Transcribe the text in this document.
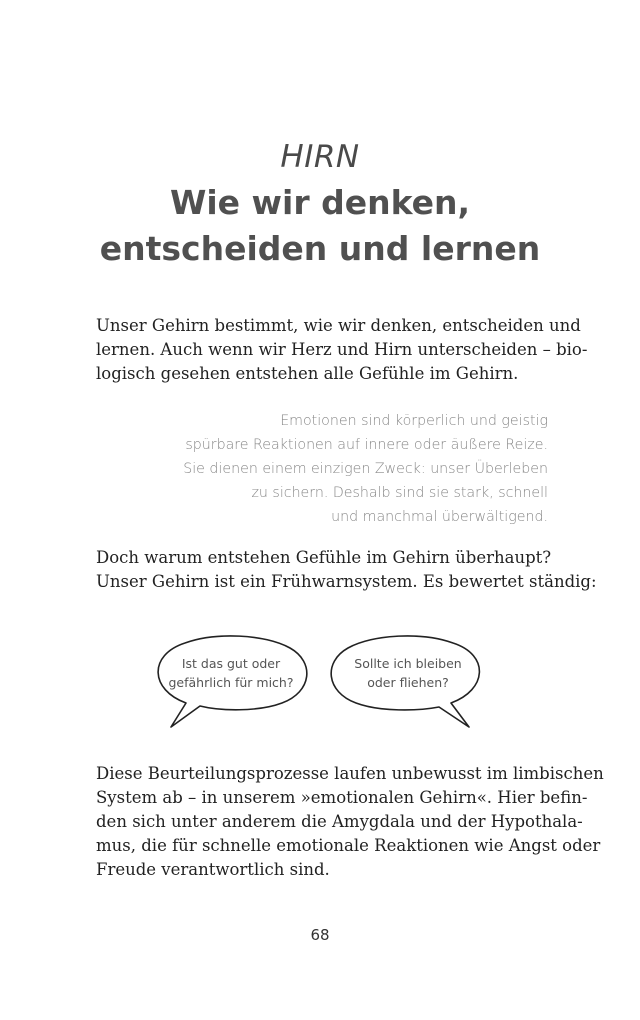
HIRN
Wie wir denken,
entscheiden und lernen
Unser Gehirn bestimmt, wie wir denken, entscheiden und
lernen. Auch wenn wir Herz und Hirn unterscheiden – bio-
logisch gesehen entstehen alle Gefühle im Gehirn.
Emotionen sind körperlich und geistig
spürbare Reaktionen auf innere oder äußere Reize.
Sie dienen einem einzigen Zweck: unser Überleben
zu sichern. Deshalb sind sie stark, schnell
und manchmal überwältigend.
Doch warum entstehen Gefühle im Gehirn überhaupt?
Unser Gehirn ist ein Frühwarnsystem. Es bewertet ständig:
Ist das gut oder
gefährlich für mich?
Sollte ich bleiben
oder fliehen?
Diese Beurteilungsprozesse laufen unbewusst im limbischen
System ab – in unserem »emotionalen Gehirn«. Hier befin-
den sich unter anderem die Amygdala und der Hypothala-
mus, die für schnelle emotionale Reaktionen wie Angst oder
Freude verantwortlich sind.
68
